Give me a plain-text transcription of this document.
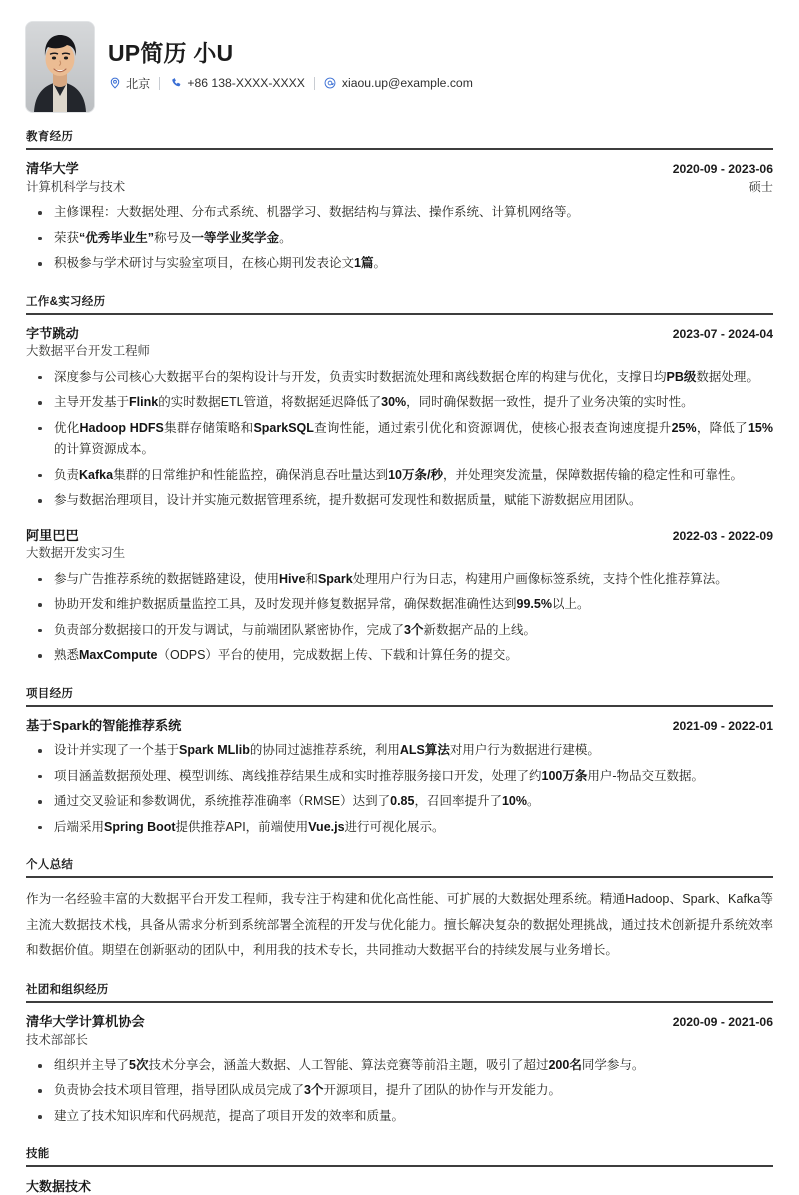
UP简历 小U
北京	+86 138-XXXX-XXXX	xiaou.up@example.com
教育经历
清华大学	2020-09 - 2023-06
计算机科学与技术	硕士
主修课程：大数据处理、分布式系统、机器学习、数据结构与算法、操作系统、计算机网络等。
荣获“优秀毕业生”称号及一等学业奖学金。
积极参与学术研讨与实验室项目，在核心期刊发表论文1篇。
工作&实习经历
字节跳动	2023-07 - 2024-04
大数据平台开发工程师
深度参与公司核心大数据平台的架构设计与开发，负责实时数据流处理和离线数据仓库的构建与优化，支撑日均PB级数据处理。
主导开发基于Flink的实时数据ETL管道，将数据延迟降低了30%，同时确保数据一致性，提升了业务决策的实时性。
优化Hadoop HDFS集群存储策略和SparkSQL查询性能，通过索引优化和资源调优，使核心报表查询速度提升25%，降低了15%的计算资源成本。
负责Kafka集群的日常维护和性能监控，确保消息吞吐量达到10万条/秒，并处理突发流量，保障数据传输的稳定性和可靠性。
参与数据治理项目，设计并实施元数据管理系统，提升数据可发现性和数据质量，赋能下游数据应用团队。
阿里巴巴	2022-03 - 2022-09
大数据开发实习生
参与广告推荐系统的数据链路建设，使用Hive和Spark处理用户行为日志，构建用户画像标签系统，支持个性化推荐算法。
协助开发和维护数据质量监控工具，及时发现并修复数据异常，确保数据准确性达到99.5%以上。
负责部分数据接口的开发与调试，与前端团队紧密协作，完成了3个新数据产品的上线。
熟悉MaxCompute（ODPS）平台的使用，完成数据上传、下载和计算任务的提交。
项目经历
基于Spark的智能推荐系统	2021-09 - 2022-01
设计并实现了一个基于Spark MLlib的协同过滤推荐系统，利用ALS算法对用户行为数据进行建模。
项目涵盖数据预处理、模型训练、离线推荐结果生成和实时推荐服务接口开发，处理了约100万条用户-物品交互数据。
通过交叉验证和参数调优，系统推荐准确率（RMSE）达到了0.85，召回率提升了10%。
后端采用Spring Boot提供推荐API，前端使用Vue.js进行可视化展示。
个人总结

作为一名经验丰富的大数据平台开发工程师，我专注于构建和优化高性能、可扩展的大数据处理系统。精通Hadoop、Spark、Kafka等主流大数据技术栈，具备从需求分析到系统部署全流程的开发与优化能力。擅长解决复杂的数据处理挑战，通过技术创新提升系统效率和数据价值。期望在创新驱动的团队中，利用我的技术专长，共同推动大数据平台的持续发展与业务增长。

社团和组织经历
清华大学计算机协会	2020-09 - 2021-06
技术部部长
组织并主导了5次技术分享会，涵盖大数据、人工智能、算法竞赛等前沿主题，吸引了超过200名同学参与。
负责协会技术项目管理，指导团队成员完成了3个开源项目，提升了团队的协作与开发能力。
建立了技术知识库和代码规范，提高了项目开发的效率和质量。
技能
大数据技术
